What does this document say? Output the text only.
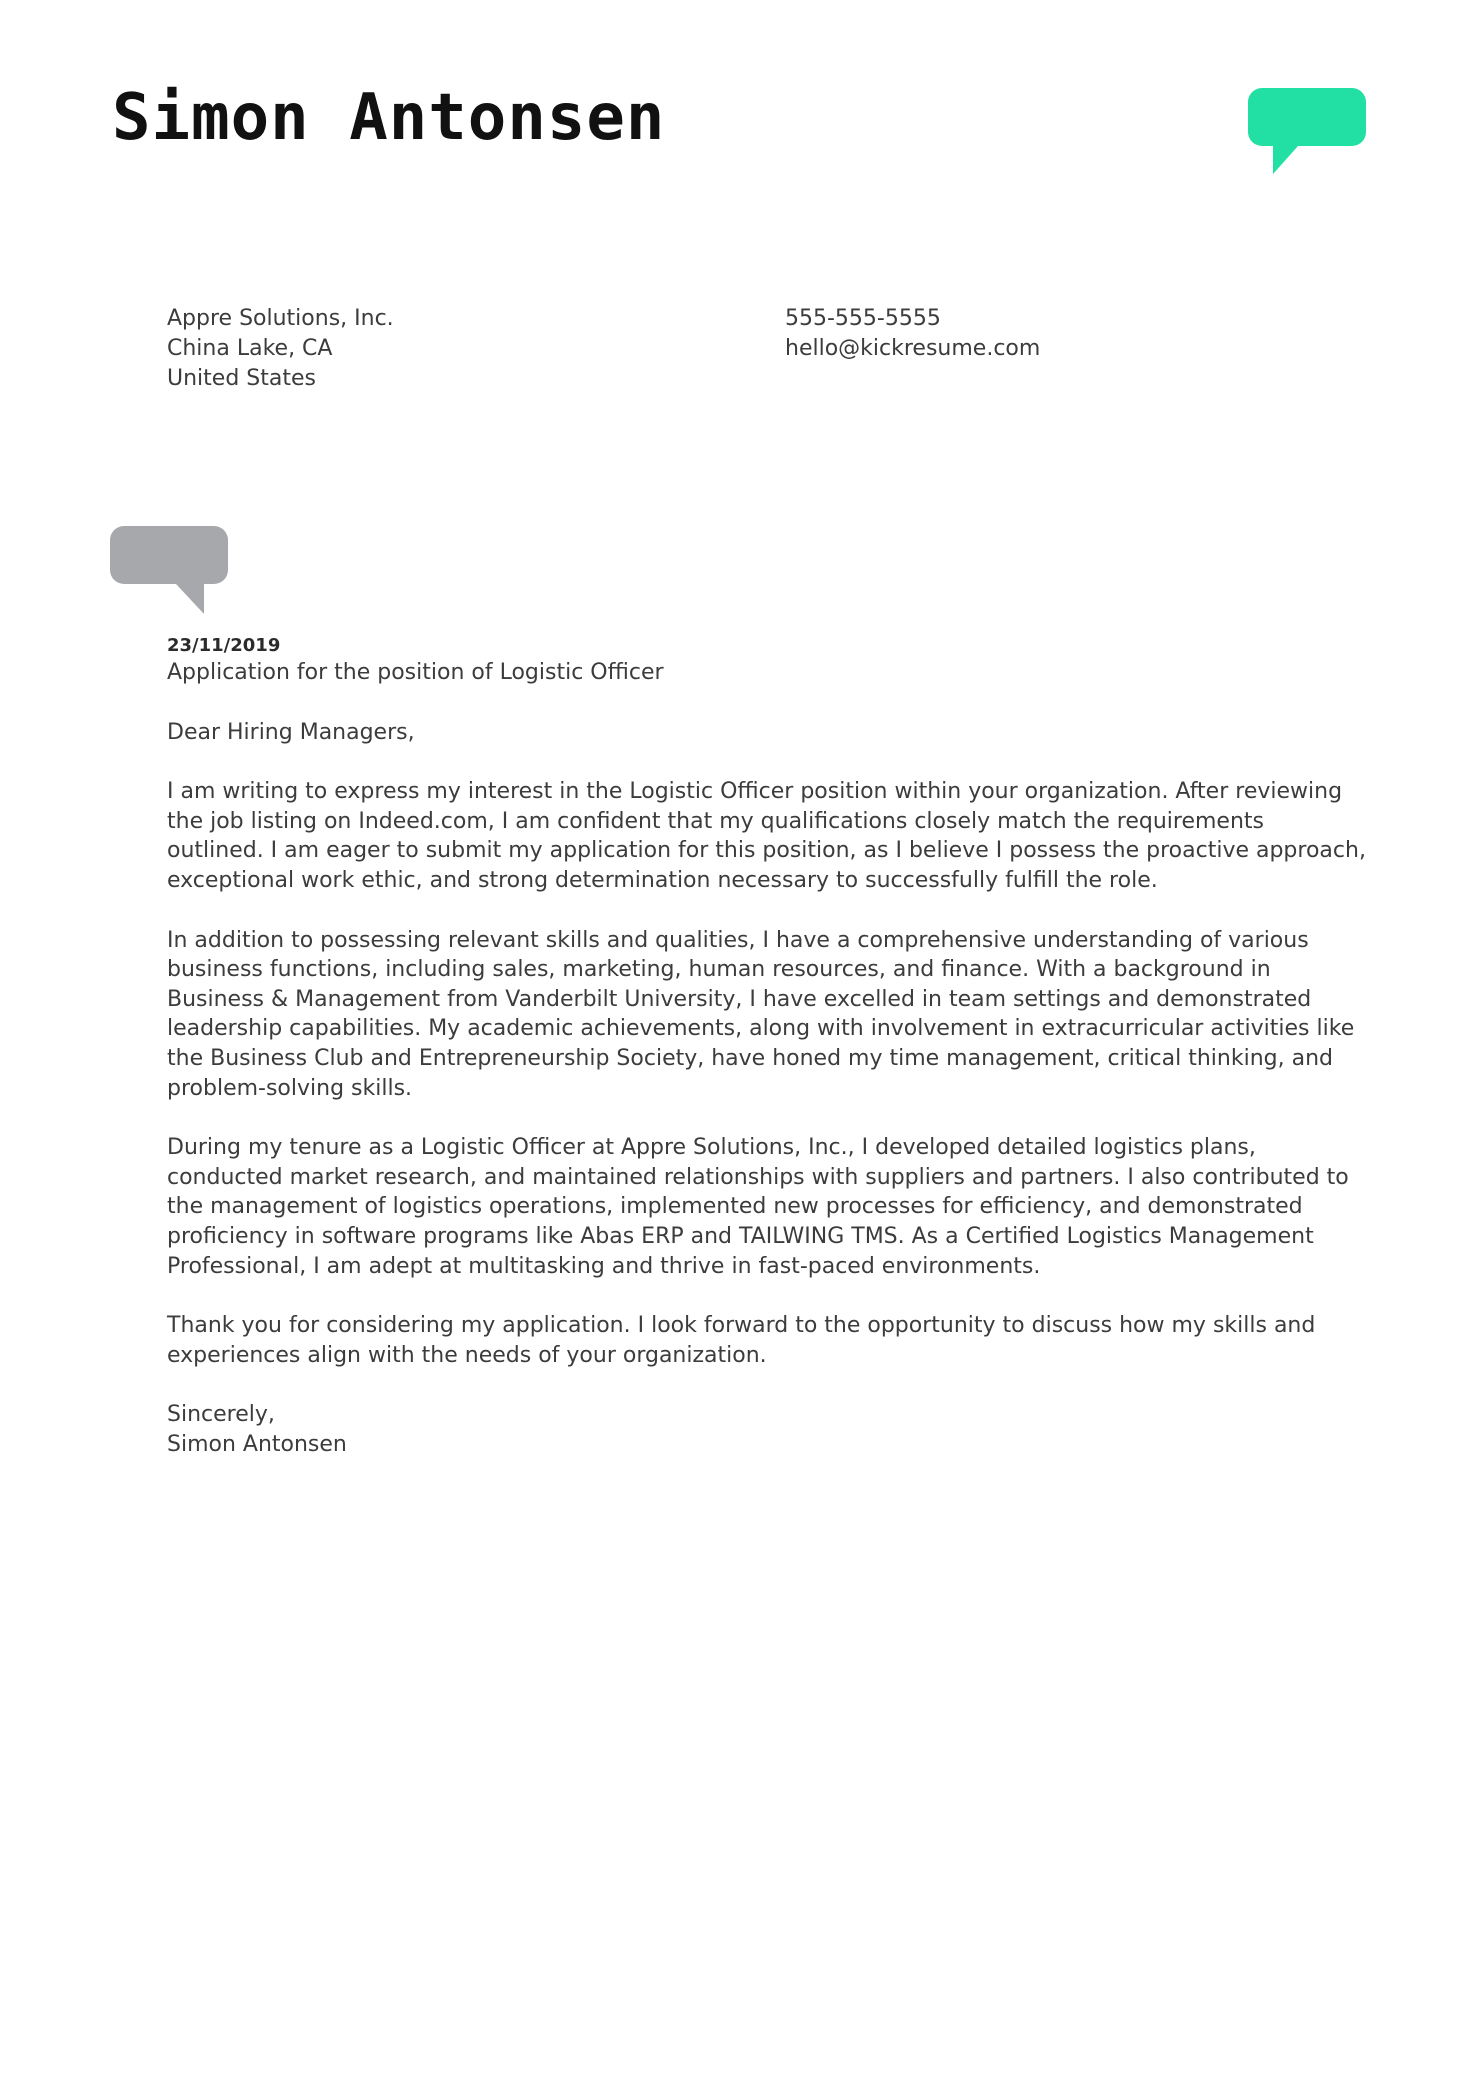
Simon Antonsen
Appre Solutions, Inc.
China Lake, CA
United States
555-555-5555
hello@kickresume.com
23/11/2019
Application for the position of Logistic Officer
Dear Hiring Managers,
I am writing to express my interest in the Logistic Officer position within your organization. After reviewing the job listing on Indeed.com, I am confident that my qualifications closely match the requirements outlined. I am eager to submit my application for this position, as I believe I possess the proactive approach, exceptional work ethic, and strong determination necessary to successfully fulfill the role.
In addition to possessing relevant skills and qualities, I have a comprehensive understanding of various business functions, including sales, marketing, human resources, and finance. With a background in Business & Management from Vanderbilt University, I have excelled in team settings and demonstrated leadership capabilities. My academic achievements, along with involvement in extracurricular activities like the Business Club and Entrepreneurship Society, have honed my time management, critical thinking, and problem-solving skills.
During my tenure as a Logistic Officer at Appre Solutions, Inc., I developed detailed logistics plans, conducted market research, and maintained relationships with suppliers and partners. I also contributed to the management of logistics operations, implemented new processes for efficiency, and demonstrated proficiency in software programs like Abas ERP and TAILWING TMS. As a Certified Logistics Management Professional, I am adept at multitasking and thrive in fast-paced environments.
Thank you for considering my application. I look forward to the opportunity to discuss how my skills and experiences align with the needs of your organization.
Sincerely,
Simon Antonsen
